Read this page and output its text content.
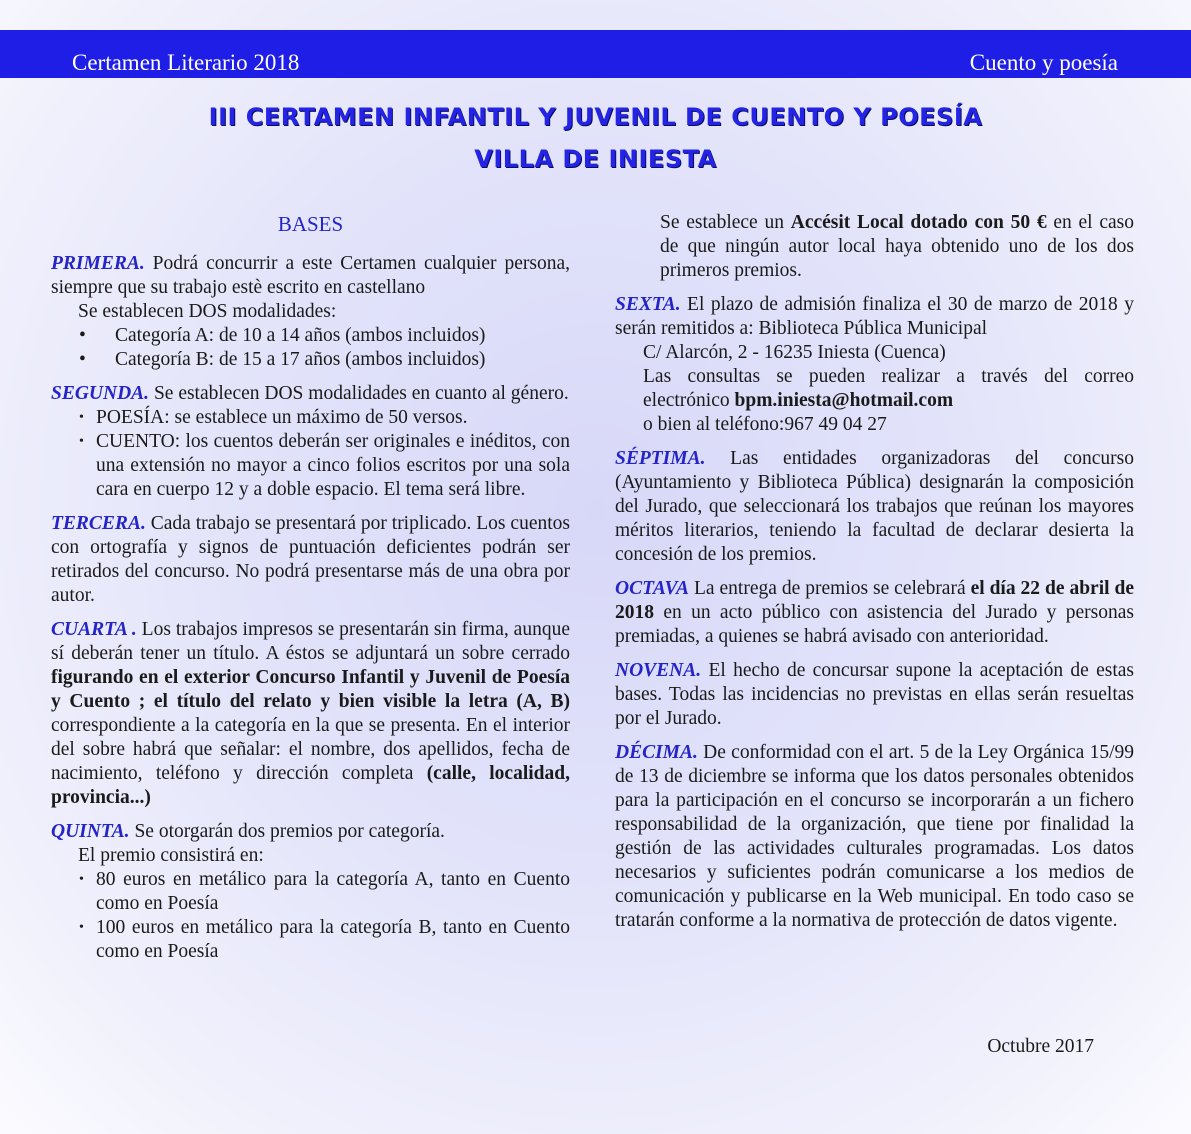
Certamen Literario 2018	Cuento y poesía
III CERTAMEN INFANTIL Y JUVENIL DE CUENTO Y POESÍA
VILLA DE INIESTA
BASES
PRIMERA. Podrá concurrir a este Certamen cualquier persona, siempre que su trabajo estè escrito en castellano
Se establecen DOS modalidades:
• Categoría A: de 10 a 14 años (ambos incluidos)
• Categoría B: de 15 a 17 años (ambos incluidos)
SEGUNDA. Se establecen DOS modalidades en cuanto al género.
• POESÍA: se establece un máximo de 50 versos.
• CUENTO: los cuentos deberán ser originales e inéditos, con una extensión no mayor a cinco folios escritos por una sola cara en cuerpo 12 y a doble espacio. El tema será libre.
TERCERA. Cada trabajo se presentará por triplicado. Los cuentos con ortografía y signos de puntuación deficientes podrán ser retirados del concurso. No podrá presentarse más de una obra por autor.
CUARTA . Los trabajos impresos se presentarán sin firma, aunque sí deberán tener un título. A éstos se adjuntará un sobre cerrado figurando en el exterior Concurso Infantil y Juvenil de Poesía y Cuento ; el título del relato y bien visible la letra (A, B) correspondiente a la categoría en la que se presenta. En el interior del sobre habrá que señalar: el nombre, dos apellidos, fecha de nacimiento, teléfono y dirección completa (calle, localidad, provincia...)
QUINTA. Se otorgarán dos premios por categoría.
El premio consistirá en:
• 80 euros en metálico para la categoría A, tanto en Cuento como en Poesía
• 100 euros en metálico para la categoría B, tanto en Cuento como en Poesía
Se establece un Accésit Local dotado con 50 € en el caso de que ningún autor local haya obtenido uno de los dos primeros premios.
SEXTA. El plazo de admisión finaliza el 30 de marzo de 2018 y serán remitidos a: Biblioteca Pública Municipal
C/ Alarcón, 2 - 16235 Iniesta (Cuenca)
Las consultas se pueden realizar a través del correo electrónico bpm.iniesta@hotmail.com
o bien al teléfono:967 49 04 27
SÉPTIMA. Las entidades organizadoras del concurso (Ayuntamiento y Biblioteca Pública) designarán la composición del Jurado, que seleccionará los trabajos que reúnan los mayores méritos literarios, teniendo la facultad de declarar desierta la concesión de los premios.
OCTAVA La entrega de premios se celebrará el día 22 de abril de 2018 en un acto público con asistencia del Jurado y personas premiadas, a quienes se habrá avisado con anterioridad.
NOVENA. El hecho de concursar supone la aceptación de estas bases. Todas las incidencias no previstas en ellas serán resueltas por el Jurado.
DÉCIMA. De conformidad con el art. 5 de la Ley Orgánica 15/99 de 13 de diciembre se informa que los datos personales obtenidos para la participación en el concurso se incorporarán a un fichero responsabilidad de la organización, que tiene por finalidad la gestión de las actividades culturales programadas. Los datos necesarios y suficientes podrán comunicarse a los medios de comunicación y publicarse en la Web municipal. En todo caso se tratarán conforme a la normativa de protección de datos vigente.
Octubre 2017
